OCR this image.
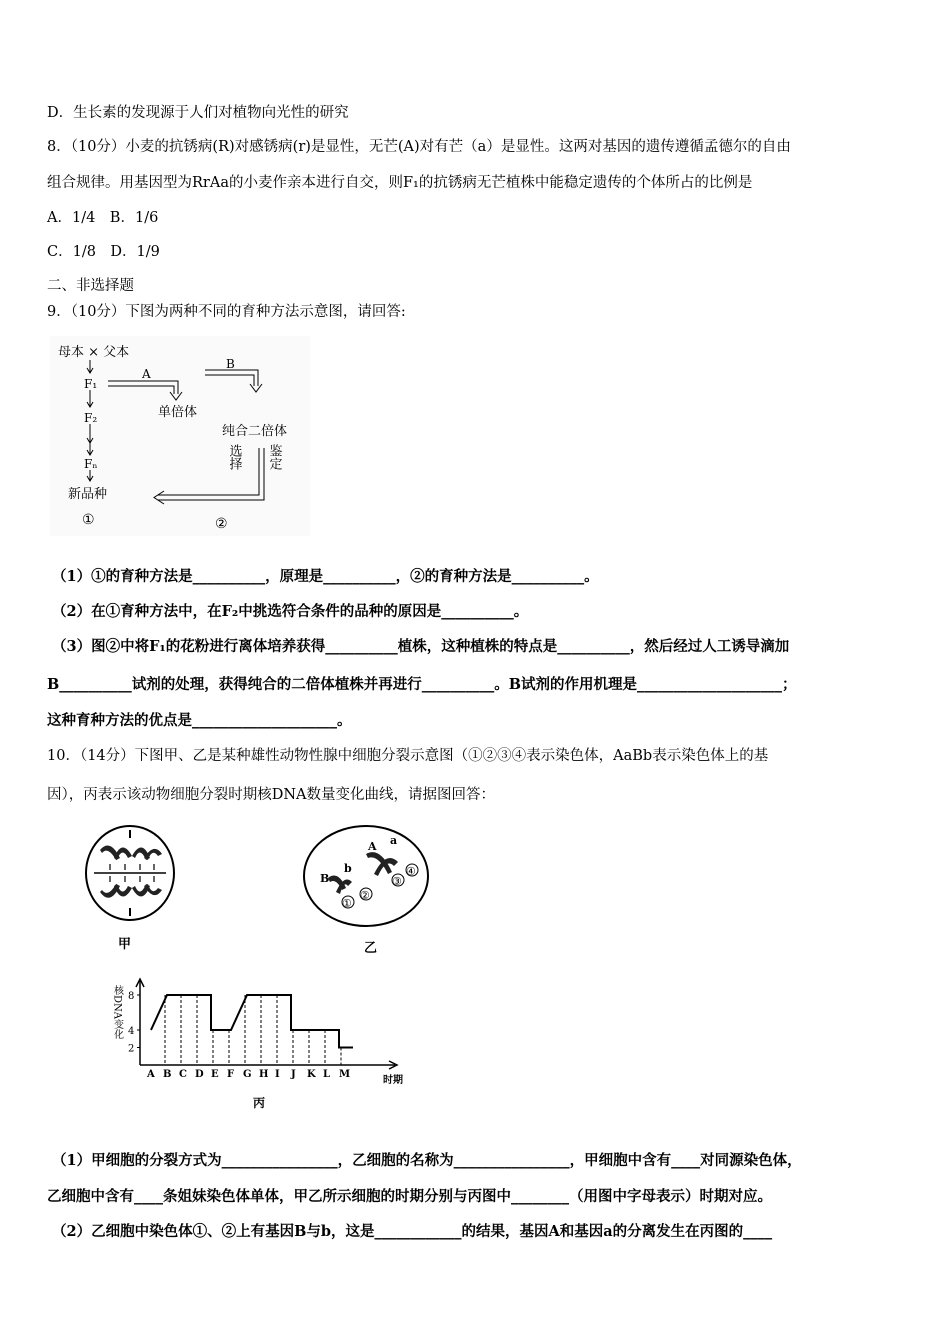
D．生长素的发现源于人们对植物向光性的研究
8．（10分）小麦的抗锈病(R)对感锈病(r)是显性，无芒(A)对有芒（a）是显性。这两对基因的遗传遵循孟德尔的自由
组合规律。用基因型为RrAa的小麦作亲本进行自交，则F₁的抗锈病无芒植株中能稳定遗传的个体所占的比例是
A．1/4　B．1/6
C．1/8　D．1/9
二、非选择题
9．（10分）下图为两种不同的育种方法示意图，请回答:
母本 × 父本
F₁
F₂
Fₙ
新品种
①
A
B
单倍体
纯合二倍体
选择 鉴定
②
（1）①的育种方法是__________，原理是__________，②的育种方法是__________。
（2）在①育种方法中，在F₂中挑选符合条件的品种的原因是__________。
（3）图②中将F₁的花粉进行离体培养获得__________植株，这种植株的特点是__________，然后经过人工诱导滴加
B__________试剂的处理，获得纯合的二倍体植株并再进行__________。B试剂的作用机理是____________________；
这种育种方法的优点是____________________。
10．（14分）下图甲、乙是某种雄性动物性腺中细胞分裂示意图（①②③④表示染色体，AaBb表示染色体上的基
因），丙表示该动物细胞分裂时期核DNA数量变化曲线，请据图回答：
甲
①
②
③
④
B
b
A a
乙
核DNA变化
时期
丙
2
4
8
A B C D E F G H I J K L M
（1）甲细胞的分裂方式为________________，乙细胞的名称为________________，甲细胞中含有____对同源染色体，
乙细胞中含有____条姐妹染色体单体，甲乙所示细胞的时期分别与丙图中________（用图中字母表示）时期对应。
（2）乙细胞中染色体①、②上有基因B与b，这是____________的结果，基因A和基因a的分离发生在丙图的____
